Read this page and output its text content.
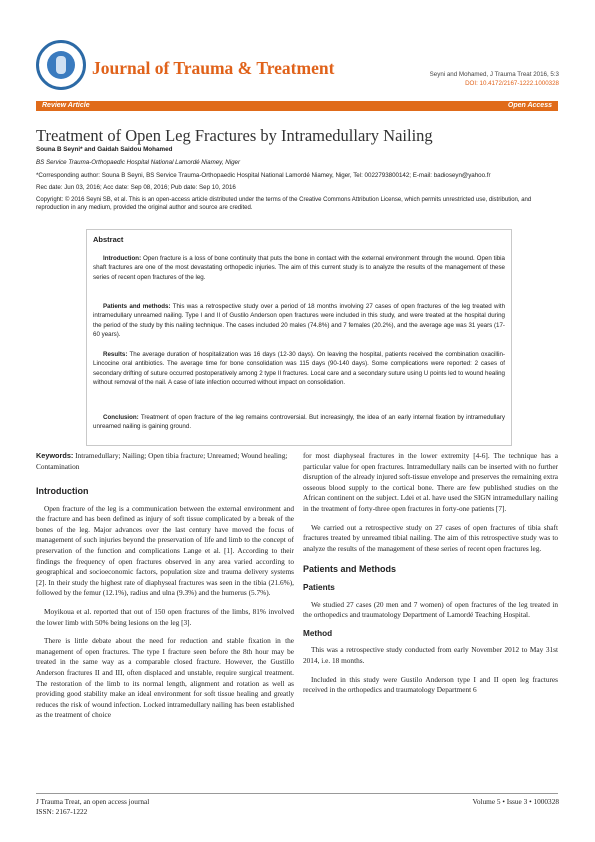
Journal of Trauma & Treatment	Seyni and Mohamed, J Trauma Treat 2016, 5:3
DOI: 10.4172/2167-1222.1000328
Review Article	Open Access
Treatment of Open Leg Fractures by Intramedullary Nailing
Souna B Seyni* and Gaidah Saidou Mohamed
BS Service Trauma-Orthopaedic Hospital National Lamordé Niamey, Niger
*Corresponding author: Souna B Seyni, BS Service Trauma-Orthopaedic Hospital National Lamordé Niamey, Niger, Tel: 0022793800142; E-mail: badioseyn@yahoo.fr
Rec date: Jun 03, 2016; Acc date: Sep 08, 2016; Pub date: Sep 10, 2016
Copyright: © 2016 Seyni SB, et al. This is an open-access article distributed under the terms of the Creative Commons Attribution License, which permits unrestricted use, distribution, and reproduction in any medium, provided the original author and source are credited.
Abstract

Introduction: Open fracture is a loss of bone continuity that puts the bone in contact with the external environment through the wound. Open tibia shaft fractures are one of the most devastating orthopedic injuries. The aim of this current study is to analyze the results of the management of these series of recent open fractures of the leg.

Patients and methods: This was a retrospective study over a period of 18 months involving 27 cases of open fractures of the leg treated with intramedullary unreamed nailing. Type I and II of Gustilo Anderson open fractures were included in this study, and were treated at the hospital during the period of the study by this nailing technique. The cases included 20 males (74.8%) and 7 females (20.2%), and the average age was 31 years (17-60 years).

Results: The average duration of hospitalization was 16 days (12-30 days). On leaving the hospital, patients received the combination oxacillin-Lincocine oral antibiotics. The average time for bone consolidation was 115 days (90-140 days). Some complications were reported: 2 cases of secondary drifting of suture occurred postoperatively among 2 type II fractures. Local care and a secondary suture using U points led to wound healing without removal of the nail. A case of late infection occurred without impact on consolidation.

Conclusion: Treatment of open fracture of the leg remains controversial. But increasingly, the idea of an early internal fixation by intramedullary unreamed nailing is gaining ground.

Keywords: Intramedullary; Nailing; Open tibia fracture; Unreamed; Wound healing; Contamination
Introduction

Open fracture of the leg is a communication between the external environment and the fracture and has been defined as injury of soft tissue complicated by a break of the bones of the leg. Major advances over the last century have moved the focus of management of such injuries beyond the preservation of life and limb to the concept of preservation of the function and complications Lange et al. [1]. According to their findings the frequency of open fractures observed in any area varied according to geographical and socioeconomic factors, population size and trauma delivery systems [2]. In their study the highest rate of diaphyseal fractures was seen in the tibia (21.6%), followed by the femur (12.1%), radius and ulna (9.3%) and the humerus (5.7%).

Moyikoua et al. reported that out of 150 open fractures of the limbs, 81% involved the lower limb with 50% being lesions on the leg [3].

There is little debate about the need for reduction and stable fixation in the management of open fractures. The type I fracture seen before the 8th hour may be treated in the same way as a comparable closed fracture. However, the Gustillo Anderson fractures II and III, often displaced and unstable, require surgical treatment. The restoration of the limb to its normal length, alignment and rotation as well as providing good stability make an ideal environment for soft tissue healing and greatly reduces the risk of wound infection. Locked intramedullary nailing has been established as the treatment of choice

for most diaphyseal fractures in the lower extremity [4-6]. The technique has a particular value for open fractures. Intramedullary nails can be inserted with no further disruption of the already injured soft-tissue envelope and preserves the remaining extra osseous blood supply to the cortical bone. There are few published studies on the African continent on the subject. Ldei et al. have used the SIGN intramedullary nailing in the treatment of forty-three open fractures in forty-one patients [7].

We carried out a retrospective study on 27 cases of open fractures of tibia shaft fractures treated by unreamed tibial nailing. The aim of this retrospective study was to analyze the results of the management of these series of recent open fractures leg.

Patients and Methods
Patients

We studied 27 cases (20 men and 7 women) of open fractures of the leg treated in the orthopedics and traumatology Department of Lamordé Teaching Hospital.

Method

This was a retrospective study conducted from early November 2012 to May 31st 2014, i.e. 18 months.

Included in this study were Gustilo Anderson type I and II open leg fractures received in the orthopedics and traumatology Department 6

J Trauma Treat, an open access journal
ISSN: 2167-1222
Volume 5 • Issue 3 • 1000328
